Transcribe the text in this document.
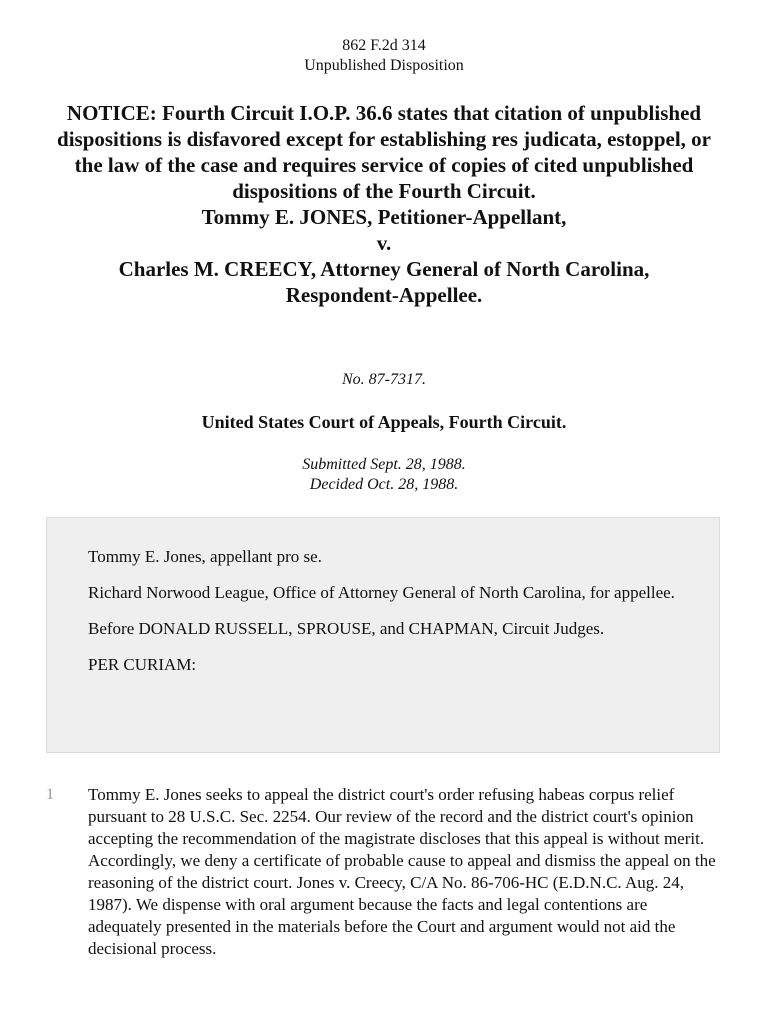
862 F.2d 314
Unpublished Disposition
NOTICE: Fourth Circuit I.O.P. 36.6 states that citation of unpublished dispositions is disfavored except for establishing res judicata, estoppel, or the law of the case and requires service of copies of cited unpublished dispositions of the Fourth Circuit.
Tommy E. JONES, Petitioner-Appellant,
v.
Charles M. CREECY, Attorney General of North Carolina,
Respondent-Appellee.
No. 87-7317.
United States Court of Appeals, Fourth Circuit.
Submitted Sept. 28, 1988.
Decided Oct. 28, 1988.

Tommy E. Jones, appellant pro se.

Richard Norwood League, Office of Attorney General of North Carolina, for appellee.

Before DONALD RUSSELL, SPROUSE, and CHAPMAN, Circuit Judges.

PER CURIAM:

1 Tommy E. Jones seeks to appeal the district court's order refusing habeas corpus relief pursuant to 28 U.S.C. Sec. 2254. Our review of the record and the district court's opinion accepting the recommendation of the magistrate discloses that this appeal is without merit. Accordingly, we deny a certificate of probable cause to appeal and dismiss the appeal on the reasoning of the district court. Jones v. Creecy, C/A No. 86-706-HC (E.D.N.C. Aug. 24, 1987). We dispense with oral argument because the facts and legal contentions are adequately presented in the materials before the Court and argument would not aid the decisional process.
